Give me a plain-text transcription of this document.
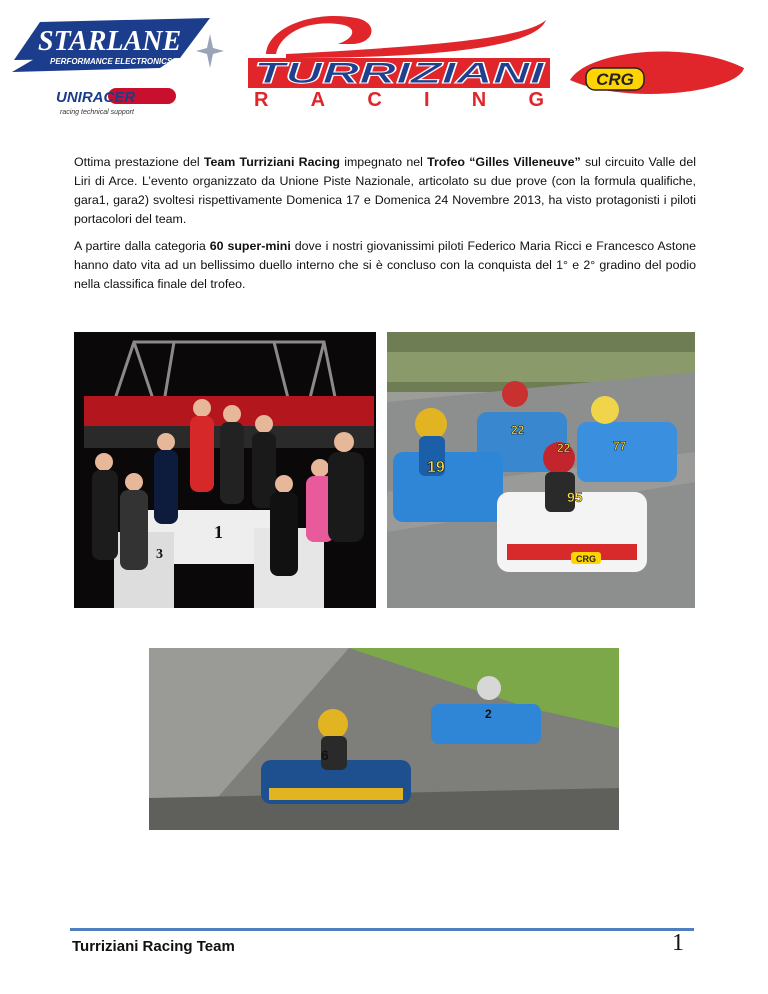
STARLANE
PERFORMANCE ELECTRONICS
UNIRACER
racing technical support
TURRIZIANI
RACING
CRG

Ottima prestazione del Team Turriziani Racing impegnato nel Trofeo “Gilles Villeneuve” sul circuito Valle del Liri di Arce. L’evento organizzato da Unione Piste Nazionale, articolato su due prove (con la formula qualifiche, gara1, gara2) svoltesi rispettivamente Domenica 17 e Domenica 24 Novembre 2013, ha visto protagonisti i piloti portacolori del team.

A partire dalla categoria 60 super-mini dove i nostri giovanissimi piloti Federico Maria Ricci e Francesco Astone hanno dato vita ad un bellissimo duello interno che si è concluso con la conquista del 1° e 2° gradino del podio nella classifica finale del trofeo.

1
3
19
22
22
95
77
CRG
2
6
Turriziani Racing Team	1
